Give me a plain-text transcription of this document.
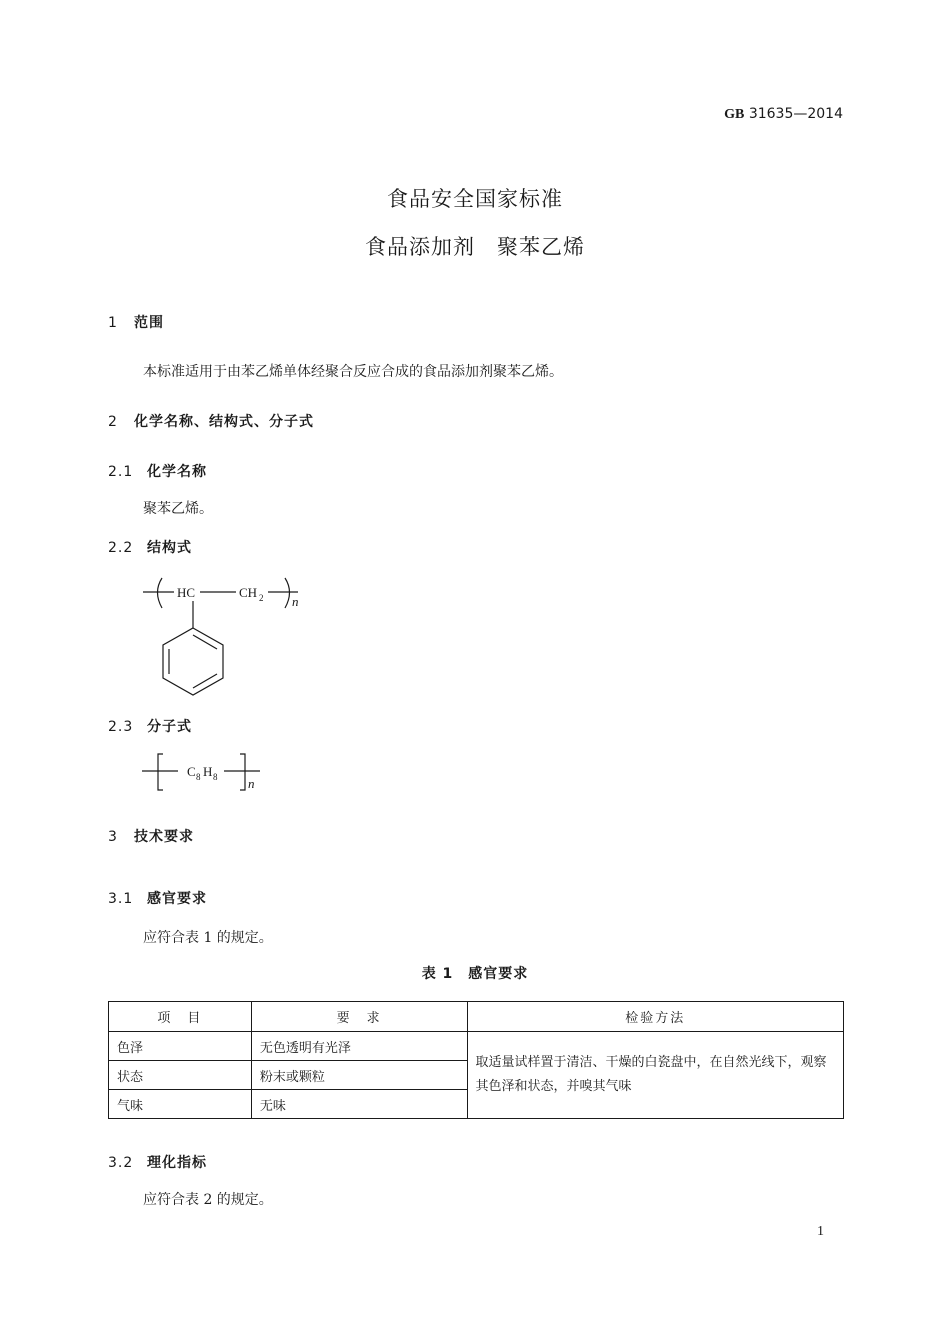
GB 31635—2014
食品安全国家标准
食品添加剂　聚苯乙烯
1 范围
本标准适用于由苯乙烯单体经聚合反应合成的食品添加剂聚苯乙烯。
2 化学名称、结构式、分子式
2.1 化学名称
聚苯乙烯。
2.2 结构式
HC	CH 2 n
2.3 分子式
C 8 H 8 n
3 技术要求
3.1 感官要求
应符合表 1 的规定。
表 1　感官要求
项　目	要　求	检验方法
色泽	无色透明有光泽	取适量试样置于清洁、干燥的白瓷盘中，在自然光线下，观察其色泽和状态，并嗅其气味
状态	粉末或颗粒	
气味	无味	
3.2 理化指标
应符合表 2 的规定。
1
